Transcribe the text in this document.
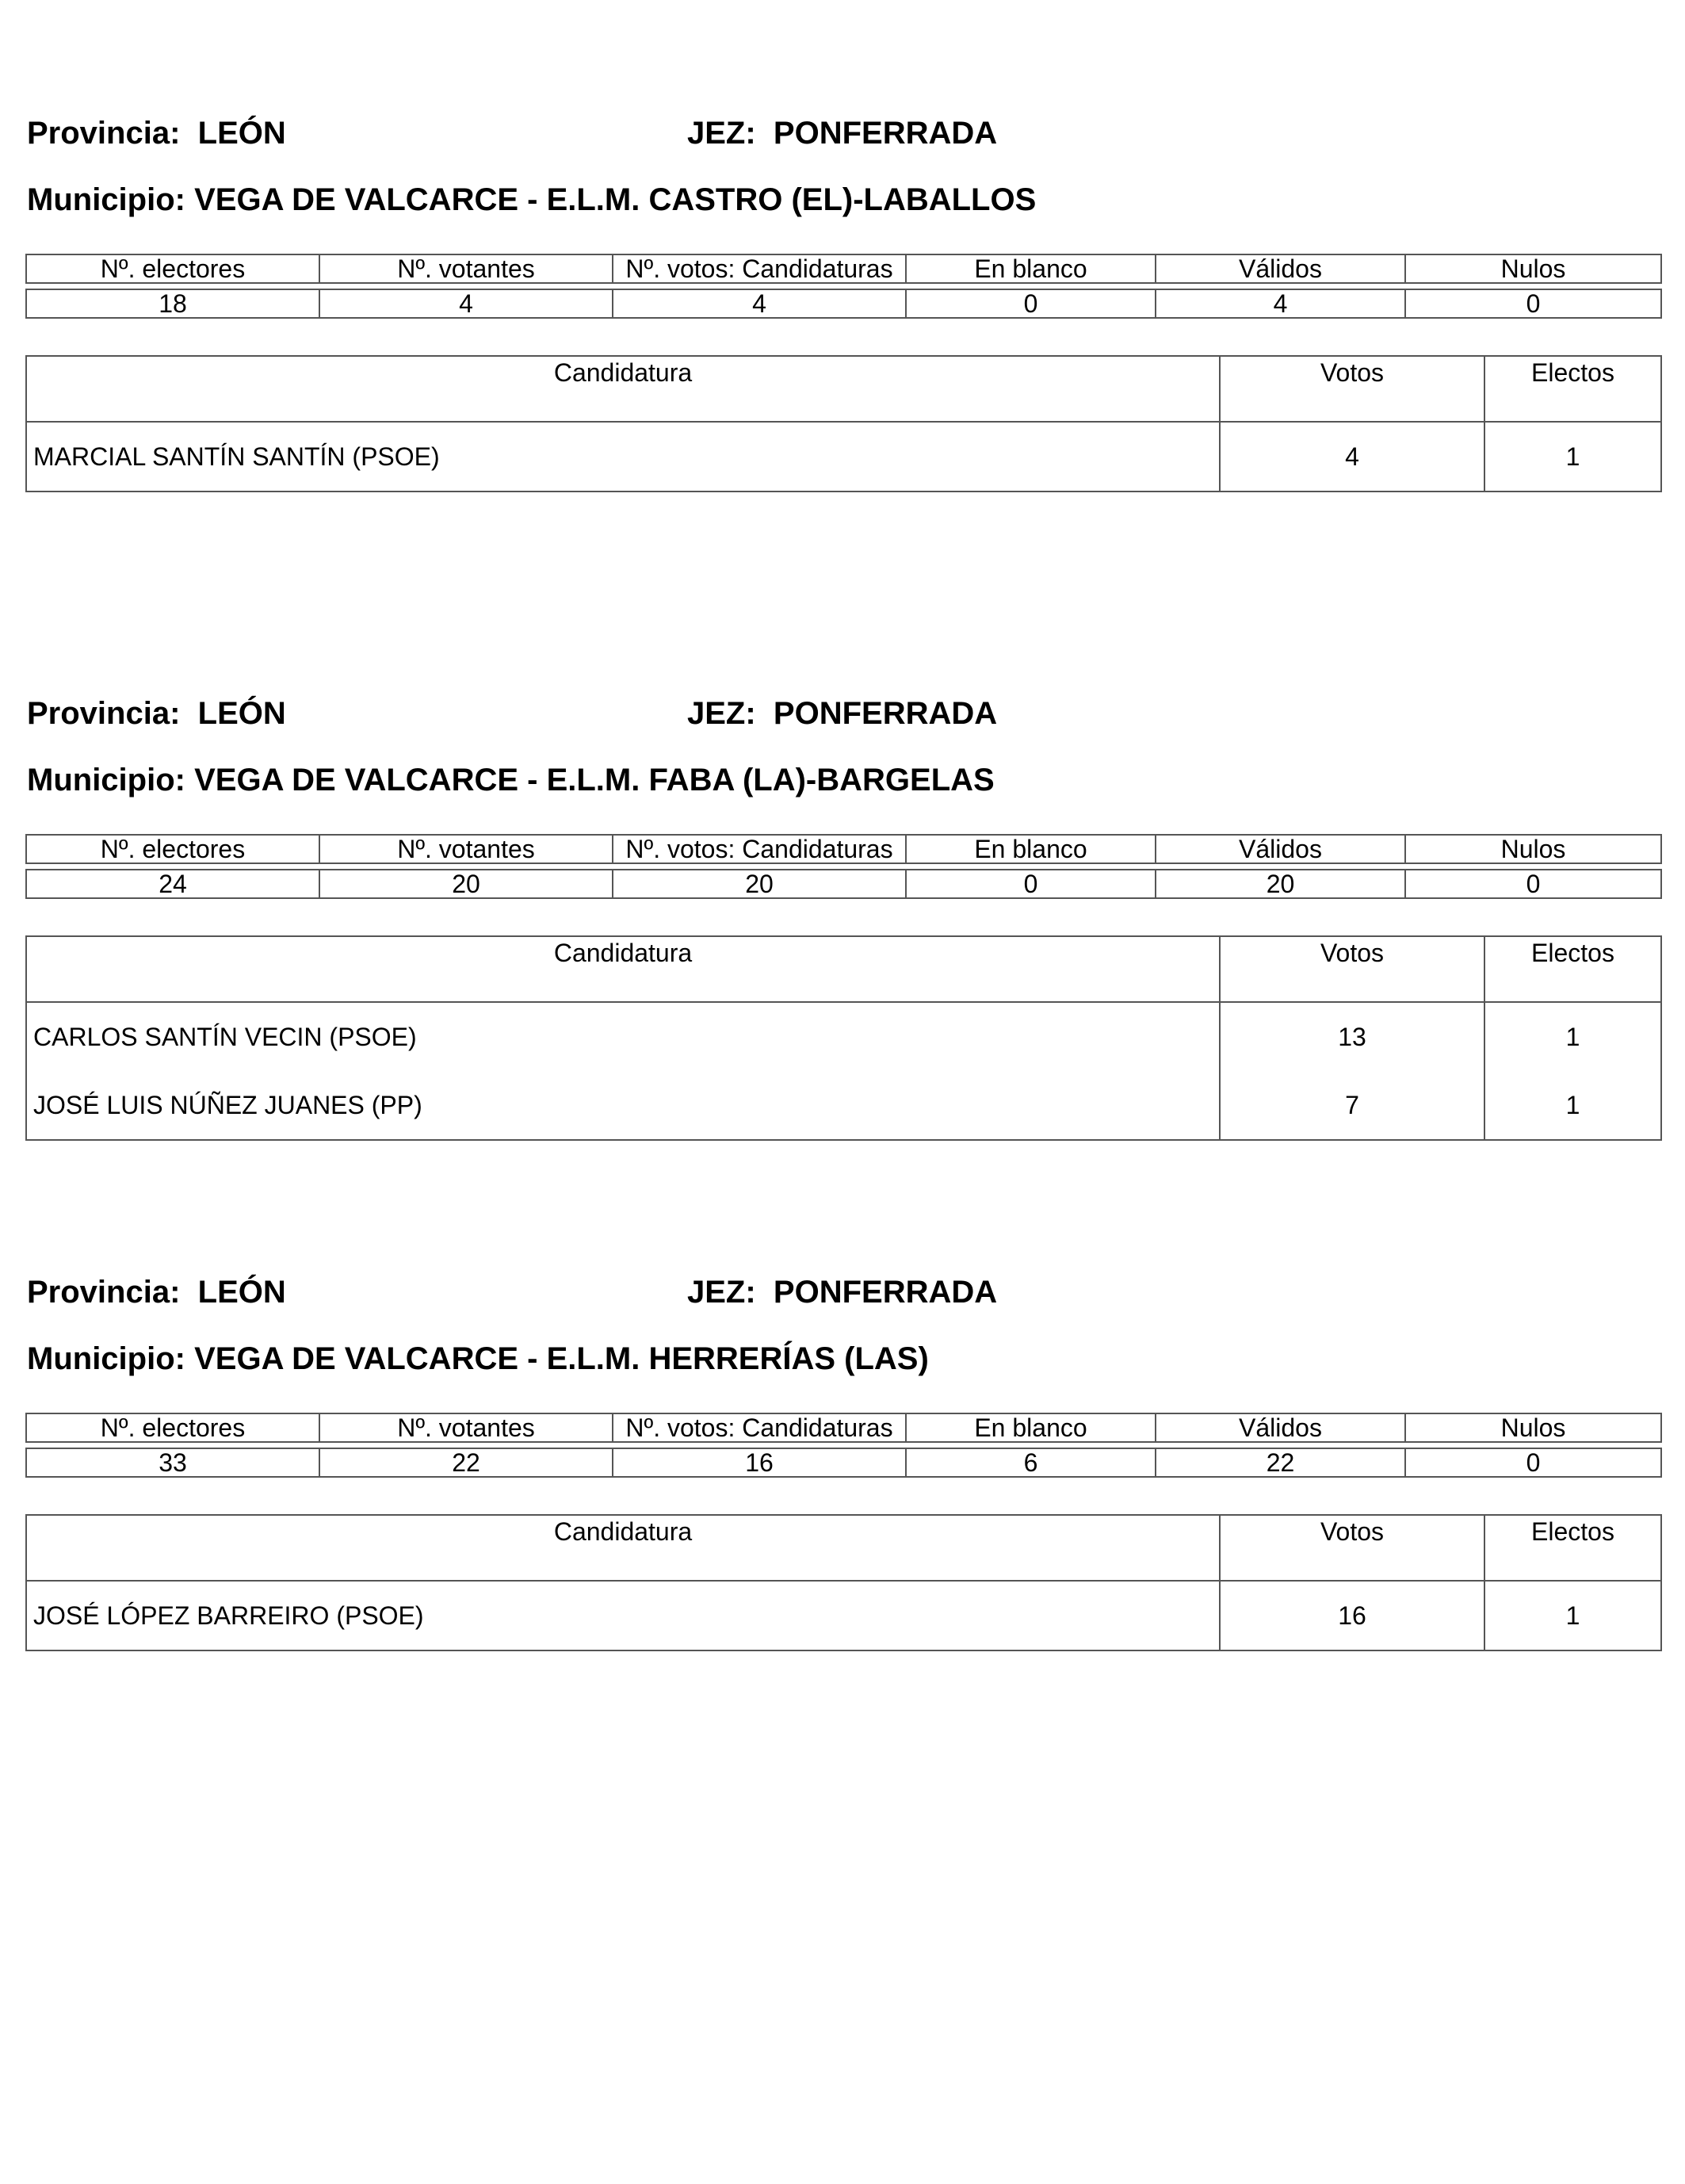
Provincia: LEÓN	JEZ: PONFERRADA
Municipio: VEGA DE VALCARCE - E.L.M. CASTRO (EL)-LABALLOS
Nº. electores	Nº. votantes	Nº. votos: Candidaturas	En blanco	Válidos	Nulos

18	4	4	0	4	0
Candidatura	Votos	Electos
MARCIAL SANTÍN SANTÍN (PSOE)	4	1
Provincia: LEÓN	JEZ: PONFERRADA
Municipio: VEGA DE VALCARCE - E.L.M. FABA (LA)-BARGELAS
Nº. electores	Nº. votantes	Nº. votos: Candidaturas	En blanco	Válidos	Nulos

24	20	20	0	20	0
Candidatura	Votos	Electos
CARLOS SANTÍN VECIN (PSOE)	13	1
JOSÉ LUIS NÚÑEZ JUANES (PP)	7	1
Provincia: LEÓN	JEZ: PONFERRADA
Municipio: VEGA DE VALCARCE - E.L.M. HERRERÍAS (LAS)
Nº. electores	Nº. votantes	Nº. votos: Candidaturas	En blanco	Válidos	Nulos

33	22	16	6	22	0
Candidatura	Votos	Electos
JOSÉ LÓPEZ BARREIRO (PSOE)	16	1
